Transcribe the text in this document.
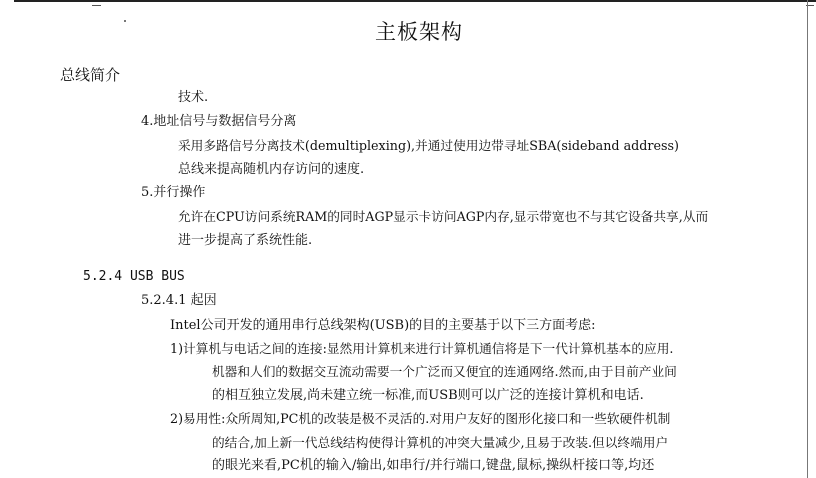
主板架构
总线简介
技术.
4.地址信号与数据信号分离
采用多路信号分离技术(demultiplexing),并通过使用边带寻址SBA(sideband address)
总线来提高随机内存访问的速度.
5.并行操作
允许在CPU访问系统RAM的同时AGP显示卡访问AGP内存,显示带宽也不与其它设备共享,从而
进一步提高了系统性能.
5.2.4 USB BUS
5.2.4.1 起因
Intel公司开发的通用串行总线架构(USB)的目的主要基于以下三方面考虑:
1)计算机与电话之间的连接:显然用计算机来进行计算机通信将是下一代计算机基本的应用.
机器和人们的数据交互流动需要一个广泛而又便宜的连通网络.然而,由于目前产业间
的相互独立发展,尚未建立统一标准,而USB则可以广泛的连接计算机和电话.
2)易用性:众所周知,PC机的改装是极不灵活的.对用户友好的图形化接口和一些软硬件机制
的结合,加上新一代总线结构使得计算机的冲突大量减少,且易于改装.但以终端用户
的眼光来看,PC机的输入/输出,如串行/并行端口,键盘,鼠标,操纵杆接口等,均还
